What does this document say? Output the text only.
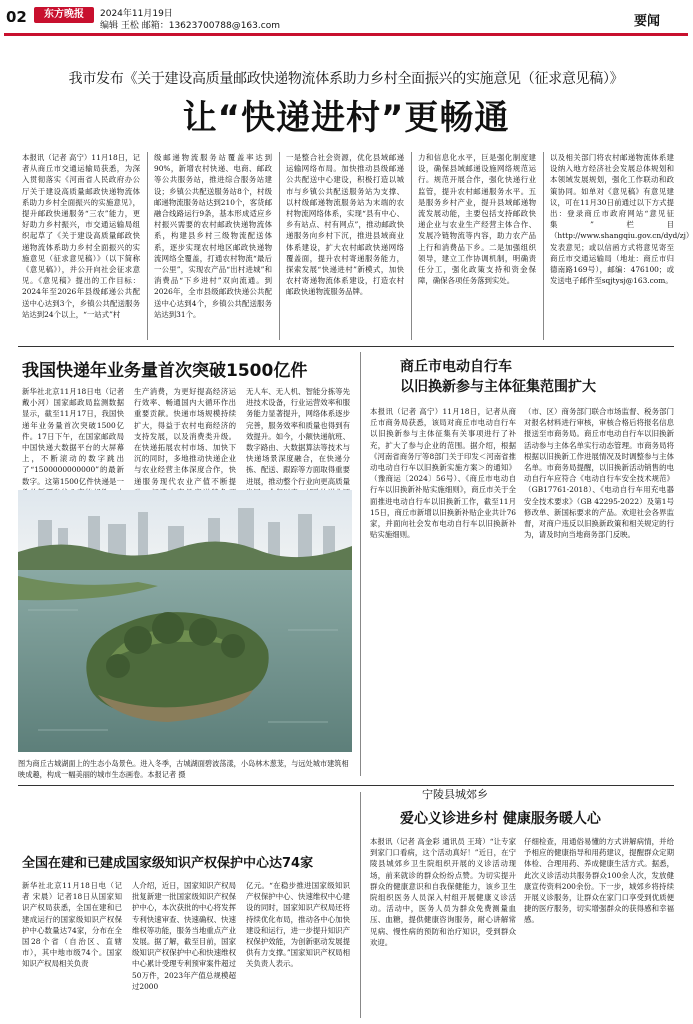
02	东方晚报	2024年11月19日
编辑 王松 邮箱：13623700788@163.com	要闻
我市发布《关于建设高质量邮政快递物流体系助力乡村全面振兴的实施意见（征求意见稿）》
让“快递进村”更畅通
本报讯（记者 高宁）11月18日，记者从商丘市交通运输局获悉，为深入贯彻落实《河南省人民政府办公厅关于建设高质量邮政快递物流体系助力乡村全面振兴的实施意见》，提升邮政快递服务“三农”能力，更好助力乡村振兴，市交通运输局组织起草了《关于建设高质量邮政快递物流体系助力乡村全面振兴的实施意见（征求意见稿）》（以下简称《意见稿》），并公开向社会征求意见。《意见稿》提出的工作目标：2024年至2026年县级邮递公共配送中心达到3个，乡镇公共配送服务站达到24个以上，“一站式”村
级邮递物流服务站覆盖率达到90%，新增农村快递、电商、邮政等公共服务站，推进综合服务站建设；乡镇公共配送服务站8个，村级邮递物流服务站达到210个，客货邮融合线路运行9条，基本形成适应乡村振兴需要的农村邮政快递物流体系，构建县乡村三级物流配送体系，逐步实现农村地区邮政快递物流网络全覆盖，打通农村物流“最后一公里”，实现农产品“出村进城”和消费品“下乡进村”双向流通。到2026年，全市县级邮政快递公共配送中心达到4个，乡镇公共配送服务站达到31个。
一是整合社会资源，优化县域邮递运输网络布局。加快推动县级邮递公共配送中心建设，积极打造以城市与乡镇公共配送服务站为支撑、以村级邮递物流服务站为末端的农村物流网络体系，实现“县有中心、乡有站点、村有网点”，推动邮政快递服务向乡村下沉，推进县域商业体系建设，扩大农村邮政快递网络覆盖面，提升农村寄递服务能力，探索发展“快递进村”新模式，加快农村寄递物流体系建设，打造农村邮政快递物流服务品牌。
力和信息化水平，巨是强化制度建设，确保县域邮递设施网络规范运行。规范开展合作，强化快递行业监管，提升农村邮递服务水平。五是服务乡村产业，提升县域邮递物流发展动能，主要包括支持邮政快递企业与农业生产经营主体合作、发展冷链物流等内容，助力农产品上行和消费品下乡。二是加强组织领导，建立工作协调机制，明确责任分工，强化政策支持和资金保障，确保各项任务落到实处。
以及相关部门将农村邮递物流体系建设纳入地方经济社会发展总体规划和本领域发展规划，强化工作联动和政策协同。如单对《意见稿》有意见建议，可在11月30日前通过以下方式提出：登录商丘市政府网站“意见征集”栏目（http://www.shangqiu.gov.cn/dyd/zj）发表意见；或以信函方式将意见寄至商丘市交通运输局（地址：商丘市归德南路169号），邮编：476100；或发送电子邮件至sqjtysj@163.com。
我国快递年业务量首次突破1500亿件
新华社北京11月18日电（记者 戴小河）国家邮政局监测数据显示，截至11月17日，我国快递年业务量首次突破1500亿件。17日下午，在国家邮政局中国快递大数据平台的大屏幕上，不断滚动的数字跳出了“1500000000000”的最新数字。这第1500亿件快递是一
生产消费，为更好提高经济运行效率、畅通国内大循环作出重要贡献。快递市场规模持续扩大，得益于农村电商经济的支持发展，以及消费类升级。在快递拓展农村市场、加快下沉的同时，多地推动快递企业与农业经营主体深度合作，快递服务现代农业产值不断提
无人车、无人机、智能分拣等先进技术设备，行业运营效率和服务能力显著提升，网络体系逐步完善，服务效率和质量也得到有效提升。如今，小额快递航班、数字路由、大数据算法等技术与快递场景深度融合，在快递分拣、配送、跟踪等方面取得重要进展，推动整个行业向更高质量
图为商丘古城湖面上的生态小岛景色。进入冬季，古城湖面碧波荡漾，小岛林木葱茏，与远处城市建筑相映成趣，构成一幅美丽的城市生态画卷。本报记者 摄
商丘市电动自行车
以旧换新参与主体征集范围扩大
本报讯（记者 高宁）11月18日，记者从商丘市商务局获悉，该局对商丘市电动自行车以旧换新参与主体征集有关事项进行了补充，扩大了参与企业的范围。据介绍，根据《河南省商务厅等8部门关于印发＜河南省推动电动自行车以旧换新实施方案＞的通知》（豫商运〔2024〕56号）、《商丘市电动自行车以旧换新补贴实施细则》，商丘市关于全面推进电动自行车以旧换新工作，截至11月15日，商丘市新增以旧换新补贴企业共计76家，并面向社会发布电动自行车以旧换新补贴实施细则。
（市、区）商务部门联合市场监督、税务部门对报名材料进行审核，审核合格后将报名信息报送至市商务局。商丘市电动自行车以旧换新活动参与主体名单实行动态管理。市商务局将根据以旧换新工作进展情况及时调整参与主体名单。市商务局提醒，以旧换新活动销售的电动自行车应符合《电动自行车安全技术规范》（GB17761-2018）、《电动自行车用充电器安全技术要求》（GB 42295-2022）及第1号修改单、新国标要求的产品。欢迎社会各界监督，对商户违反以旧换新政策和相关规定的行为，请及时向当地商务部门反映。
宁陵县城郊乡
爱心义诊进乡村 健康服务暖人心
本报讯（记者 高金彩 通讯员 王琦）“让专家到家门口看病，这个活动真好！”近日，在宁陵县城郊乡卫生院组织开展的义诊活动现场，前来就诊的群众纷纷点赞。为切实提升群众的健康意识和自我保健能力，该乡卫生院组织医务人员深入村组开展健康义诊活动。活动中，医务人员为群众免费测量血压、血糖，提供健康咨询服务，耐心讲解常见病、慢性病的预防和治疗知识，受到群众欢迎。
仔细检查，用通俗易懂的方式讲解病情，并给予相应的健康指导和用药建议，提醒群众定期体检、合理用药、养成健康生活方式。据悉，此次义诊活动共服务群众100余人次，发放健康宣传资料200余份。下一步，城郊乡将持续开展义诊服务，让群众在家门口享受到优质便捷的医疗服务，切实增强群众的获得感和幸福感。
全国在建和已建成国家级知识产权保护中心达74家
新华社北京11月18日电（记者 宋晨）记者18日从国家知识产权局获悉，全国在建和已建成运行的国家级知识产权保护中心数量达74家，分布在全国28个省（自治区、直辖市），其中地市级74个。国家知识产权局相关负责
人介绍，近日，国家知识产权局批复新建一批国家级知识产权保护中心，本次获批的中心将发挥专利快速审查、快速确权、快速维权等功能，服务当地重点产业发展。据了解，截至目前，国家级知识产权保护中心和快速维权中心累计受理专利预审案件超过50万件，2023年产值总规模超过2000
亿元。“在稳步推进国家级知识产权保护中心、快速维权中心建设的同时，国家知识产权局还将持续优化布局，推动各中心加快建设和运行，进一步提升知识产权保护效能，为创新驱动发展提供有力支撑。”国家知识产权局相关负责人表示。
